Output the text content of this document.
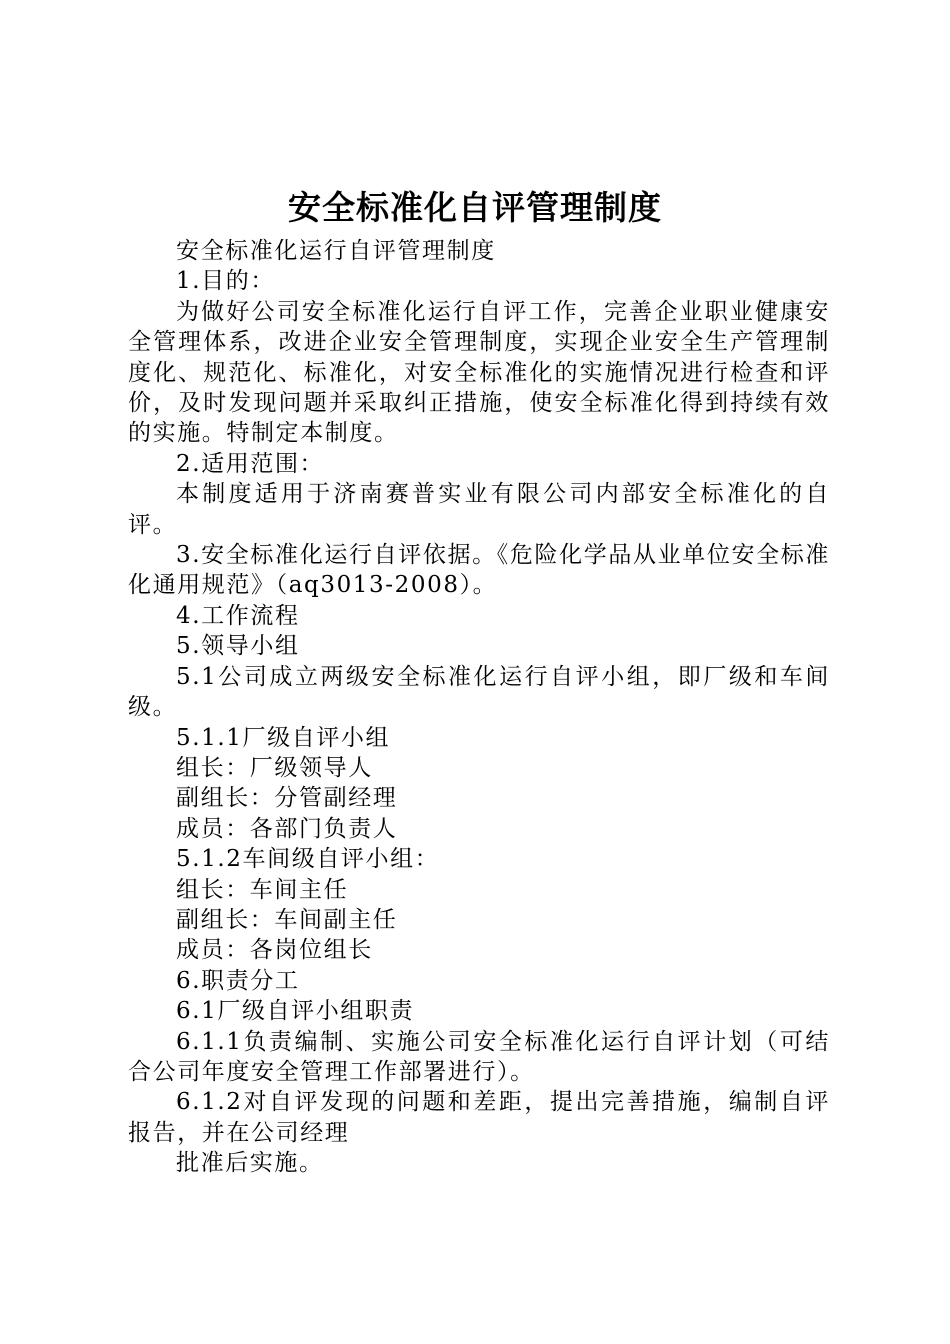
安全标准化自评管理制度

安全标准化运行自评管理制度

1.目的：

为做好公司安全标准化运行自评工作，完善企业职业健康安全管理体系，改进企业安全管理制度，实现企业安全生产管理制度化、规范化、标准化，对安全标准化的实施情况进行检查和评价，及时发现问题并采取纠正措施，使安全标准化得到持续有效的实施。特制定本制度。

2.适用范围：

本制度适用于济南赛普实业有限公司内部安全标准化的自评。

3.安全标准化运行自评依据。《危险化学品从业单位安全标准化通用规范》（aq3013-2008）。

4.工作流程

5.领导小组

5.1公司成立两级安全标准化运行自评小组，即厂级和车间级。

5.1.1厂级自评小组

组长：厂级领导人

副组长：分管副经理

成员：各部门负责人

5.1.2车间级自评小组：

组长：车间主任

副组长：车间副主任

成员：各岗位组长

6.职责分工

6.1厂级自评小组职责

6.1.1负责编制、实施公司安全标准化运行自评计划（可结合公司年度安全管理工作部署进行）。

6.1.2对自评发现的问题和差距，提出完善措施，编制自评报告，并在公司经理

批准后实施。
